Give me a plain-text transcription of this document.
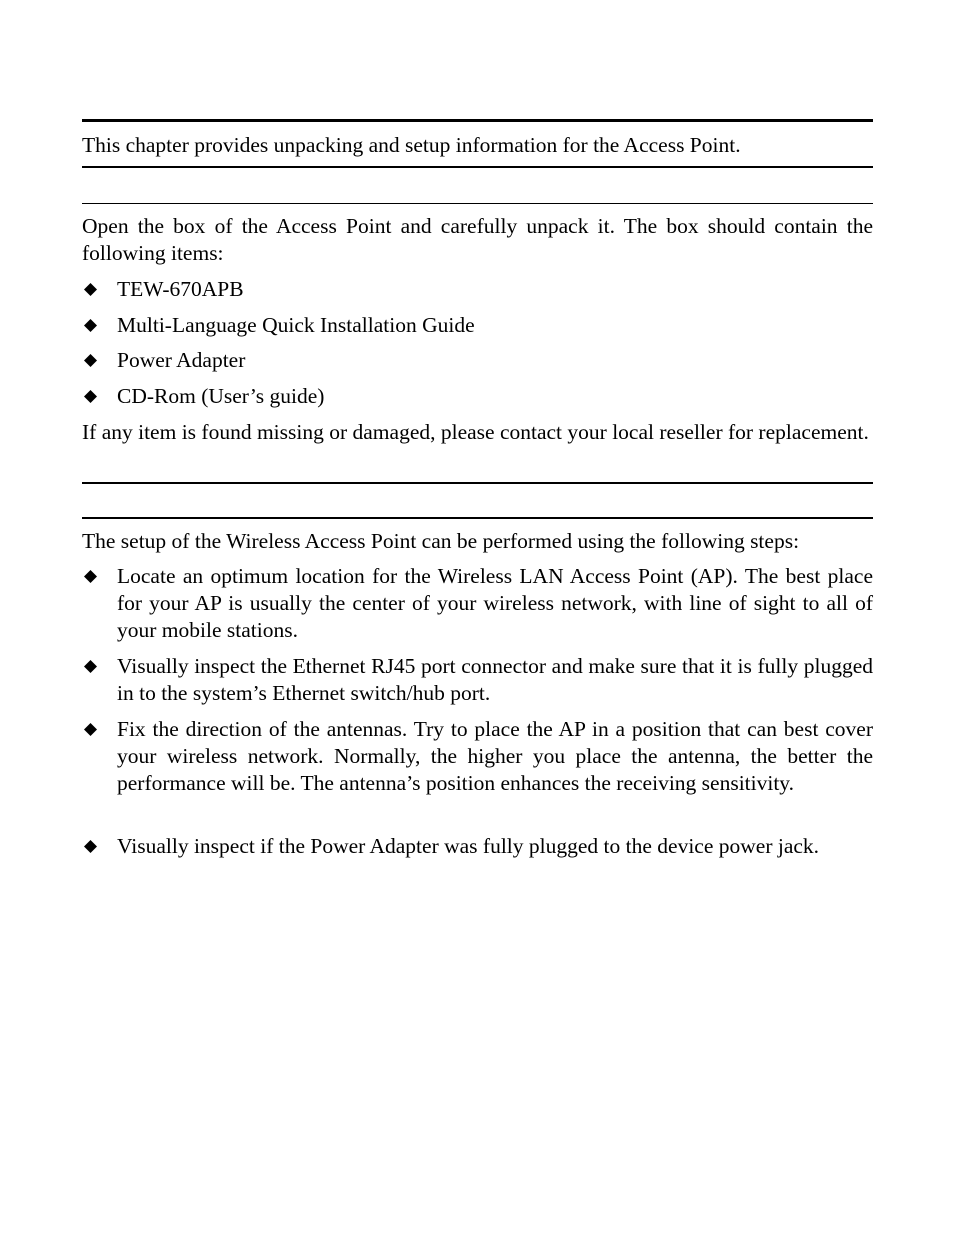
This chapter provides unpacking and setup information for the Access Point.
Open the box of the Access Point and carefully unpack it. The box should contain the following items:
TEW-670APB
Multi-Language Quick Installation Guide
Power Adapter
CD-Rom (User’s guide)
If any item is found missing or damaged, please contact your local reseller for replacement.
The setup of the Wireless Access Point can be performed using the following steps:
Locate an optimum location for the Wireless LAN Access Point (AP). The best place for your AP is usually the center of your wireless network, with line of sight to all of your mobile stations.
Visually inspect the Ethernet RJ45 port connector and make sure that it is fully plugged in to the system’s Ethernet switch/hub port.
Fix the direction of the antennas. Try to place the AP in a position that can best cover your wireless network. Normally, the higher you place the antenna, the better the performance will be. The antenna’s position enhances the receiving sensitivity.
Visually inspect if the Power Adapter was fully plugged to the device power jack.
